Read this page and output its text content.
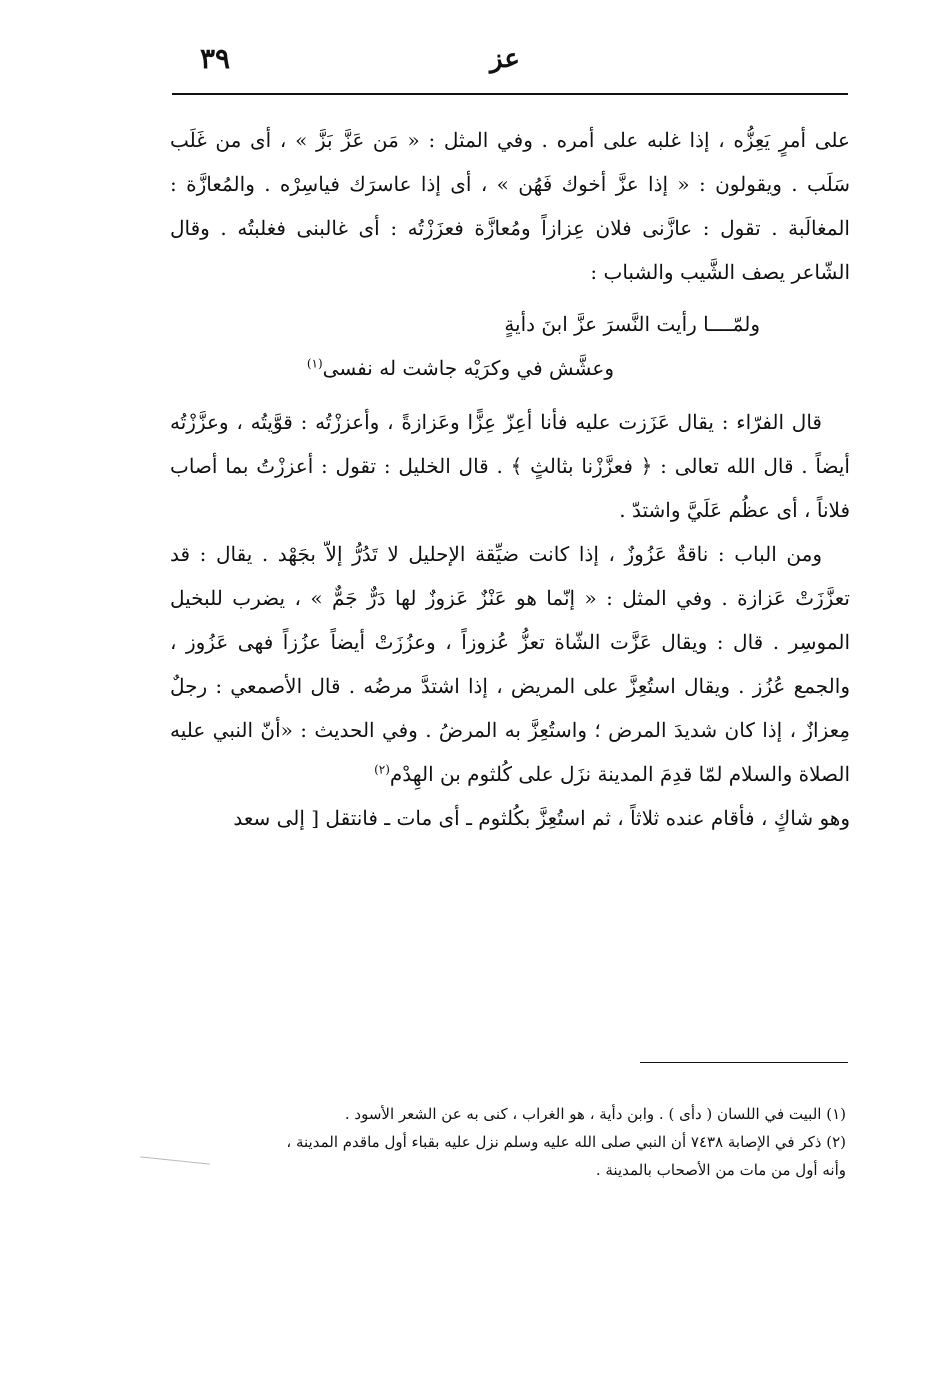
٣٩	عز

على أمرٍ يَعِزُّه ، إذا غلبه على أمره . وفي المثل : « مَن عَزَّ بَزَّ » ، أى من غَلَب سَلَب . ويقولون : « إذا عزَّ أخوك فَهُن » ، أى إذا عاسرَك فياسِرْه . والمُعازَّة : المغالَبة . تقول : عازَّنى فلان عِزازاً ومُعازَّة فعزَزْتُه : أى غالبنى فغلبتُه . وقال الشّاعر يصف الشَّيب والشباب :

ولمّــــا رأيت النَّسرَ عزَّ ابنَ دأيةٍ
وعشَّش في وكرَيْه جاشت له نفسى$^{(١)}$

قال الفرّاء : يقال عَزَزت عليه فأنا أعِزّ عِزًّا وعَزازةً ، وأعززْتُه : قوَّيتُه ، وعزَّزْتُه أيضاً . قال الله تعالى : ﴿ فعزَّزْنا بثالثٍ ﴾ . قال الخليل : تقول : أعززْتُ بما أصاب فلاناً ، أى عظُم عَلَيَّ واشتدّ .

ومن الباب : ناقةٌ عَزُوزٌ ، إذا كانت ضيِّقة الإحليل لا تَدُرُّ إلاّ بجَهْد . يقال : قد تعزَّزَتْ عَزازة . وفي المثل : « إنّما هو عَنْزٌ عَزوزٌ لها دَرٌّ جَمٌّ » ، يضرب للبخيل الموسِر . قال : ويقال عَزَّت الشّاة تعزُّ عُزوزاً ، وعزُزَتْ أيضاً عزُزاً فهى عَزُوز ، والجمع عُزُز . ويقال استُعِزَّ على المريض ، إذا اشتدَّ مرضُه . قال الأصمعي : رجلٌ مِعزازٌ ، إذا كان شديدَ المرض ؛ واستُعِزَّ به المرضُ . وفي الحديث : «أنّ النبي عليه الصلاة والسلام لمّا قدِمَ المدينة نزَل على كُلثوم بن الهِدْم$^{(٢)}$

وهو شاكٍ ، فأقام عنده ثلاثاً ، ثم استُعِزَّ بكُلثوم ـ أى مات ـ فانتقل [ إلى سعد

(١) البيت في اللسان ( دأى ) . وابن دأية ، هو الغراب ، كنى به عن الشعر الأسود .

(٢) ذكر في الإصابة ٧٤٣٨ أن النبي صلى الله عليه وسلم نزل عليه بقباء أول ماقدم المدينة ،

وأنه أول من مات من الأصحاب بالمدينة .
